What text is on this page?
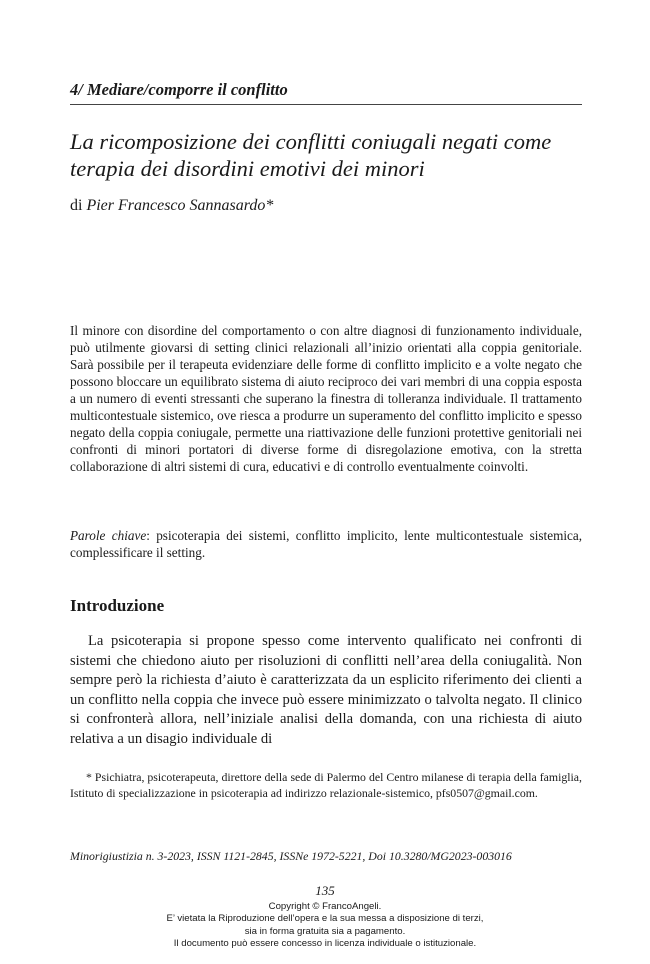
4/ Mediare/comporre il conflitto
La ricomposizione dei conflitti coniugali negati come terapia dei disordini emotivi dei minori
di Pier Francesco Sannasardo*

Il minore con disordine del comportamento o con altre diagnosi di funzionamento individuale, può utilmente giovarsi di setting clinici relazionali all’inizio orientati alla coppia genitoriale. Sarà possibile per il terapeuta evidenziare delle forme di conflitto implicito e a volte negato che possono bloccare un equilibrato sistema di aiuto reciproco dei vari membri di una coppia esposta a un numero di eventi stressanti che superano la finestra di tolleranza individuale. Il trattamento multicontestuale sistemico, ove riesca a produrre un superamento del conflitto implicito e spesso negato della coppia coniugale, permette una riattivazione delle funzioni protettive genitoriali nei confronti di minori portatori di diverse forme di disregolazione emotiva, con la stretta collaborazione di altri sistemi di cura, educativi e di controllo eventualmente coinvolti.

Parole chiave: psicoterapia dei sistemi, conflitto implicito, lente multicontestuale sistemica, complessificare il setting.

Introduzione

La psicoterapia si propone spesso come intervento qualificato nei confronti di sistemi che chiedono aiuto per risoluzioni di conflitti nell’area della coniugalità. Non sempre però la richiesta d’aiuto è caratterizzata da un esplicito riferimento dei clienti a un conflitto nella coppia che invece può essere minimizzato o talvolta negato. Il clinico si confronterà allora, nell’iniziale analisi della domanda, con una richiesta di aiuto relativa a un disagio individuale di

* Psichiatra, psicoterapeuta, direttore della sede di Palermo del Centro milanese di terapia della famiglia, Istituto di specializzazione in psicoterapia ad indirizzo relazionale-sistemico, pfs0507@gmail.com.

Minorigiustizia n. 3-2023, ISSN 1121-2845, ISSNe 1972-5221, Doi 10.3280/MG2023-003016
135
Copyright © FrancoAngeli.
E’ vietata la Riproduzione dell’opera e la sua messa a disposizione di terzi,
sia in forma gratuita sia a pagamento.
Il documento può essere concesso in licenza individuale o istituzionale.
